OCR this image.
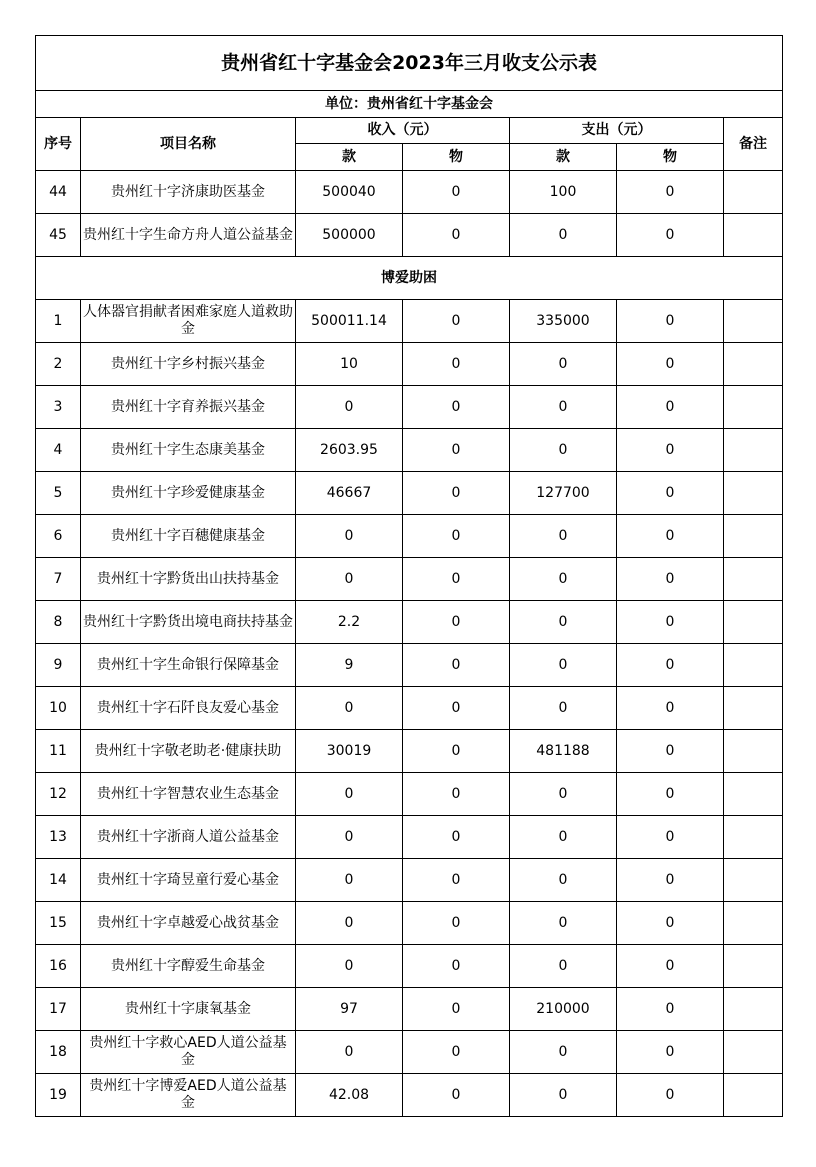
贵州省红十字基金会2023年三月收支公示表						
单位：贵州省红十字基金会						
序号	项目名称	收入（元）		支出（元）		备注
		款	物	款	物	
44	贵州红十字济康助医基金	500040	0	100	0	
45	贵州红十字生命方舟人道公益基金	500000	0	0	0	
博爱助困						
1	人体器官捐献者困难家庭人道救助金	500011.14	0	335000	0	
2	贵州红十字乡村振兴基金	10	0	0	0	
3	贵州红十字育养振兴基金	0	0	0	0	
4	贵州红十字生态康美基金	2603.95	0	0	0	
5	贵州红十字珍爱健康基金	46667	0	127700	0	
6	贵州红十字百穗健康基金	0	0	0	0	
7	贵州红十字黔货出山扶持基金	0	0	0	0	
8	贵州红十字黔货出境电商扶持基金	2.2	0	0	0	
9	贵州红十字生命银行保障基金	9	0	0	0	
10	贵州红十字石阡良友爱心基金	0	0	0	0	
11	贵州红十字敬老助老·健康扶助	30019	0	481188	0	
12	贵州红十字智慧农业生态基金	0	0	0	0	
13	贵州红十字浙商人道公益基金	0	0	0	0	
14	贵州红十字琦昱童行爱心基金	0	0	0	0	
15	贵州红十字卓越爱心战贫基金	0	0	0	0	
16	贵州红十字醇爱生命基金	0	0	0	0	
17	贵州红十字康氧基金	97	0	210000	0	
18	贵州红十字救心AED人道公益基金	0	0	0	0	
19	贵州红十字博爱AED人道公益基金	42.08	0	0	0	
